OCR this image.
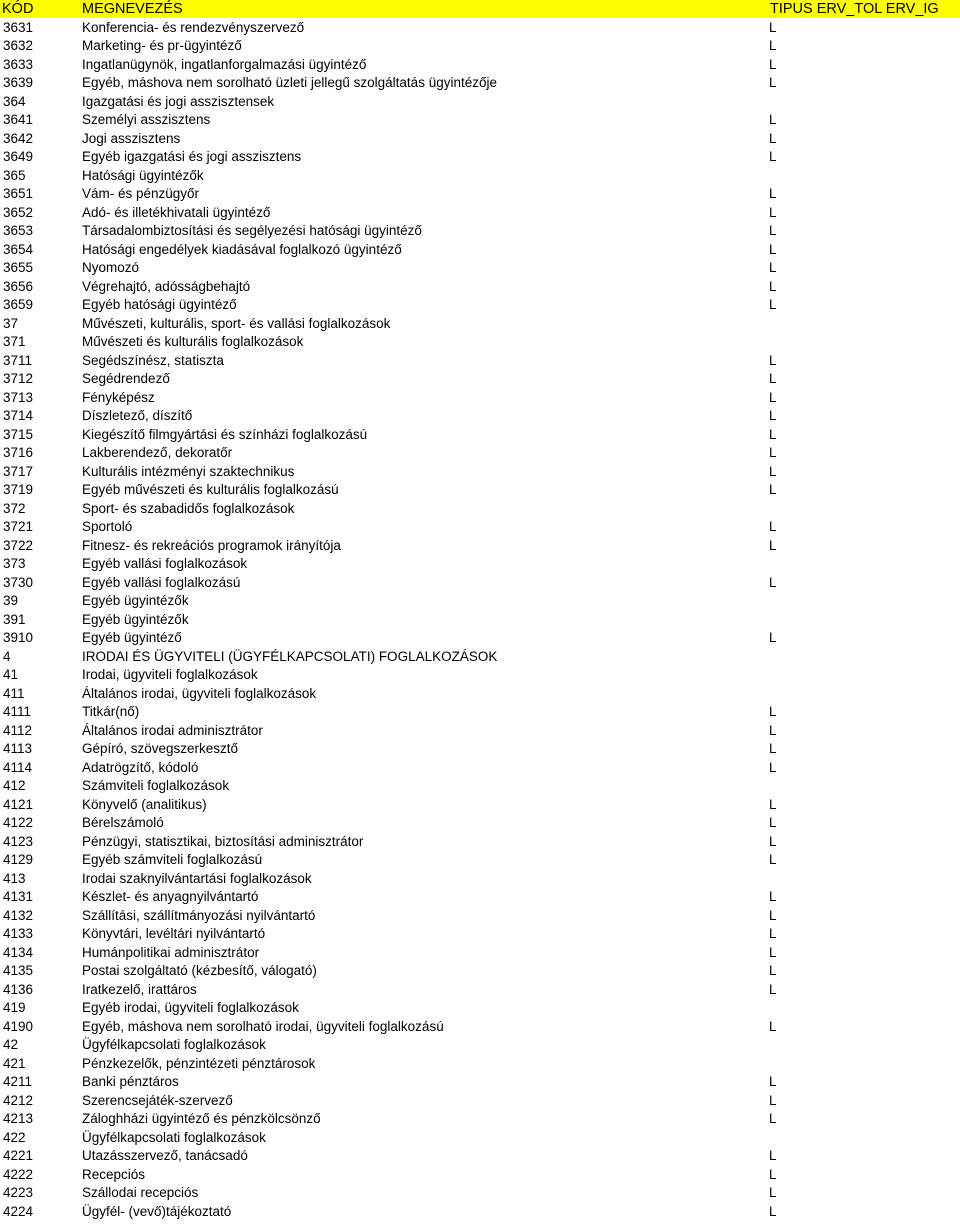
KÓD	MEGNEVEZÉS	TIPUS ERV_TOL ERV_IG
3631	Konferencia- és rendezvényszervező	L
3632	Marketing- és pr-ügyintéző	L
3633	Ingatlanügynök, ingatlanforgalmazási ügyintéző	L
3639	Egyéb, máshova nem sorolható üzleti jellegű szolgáltatás ügyintézője	L
364	Igazgatási és jogi asszisztensek
3641	Személyi asszisztens	L
3642	Jogi asszisztens	L
3649	Egyéb igazgatási és jogi asszisztens	L
365	Hatósági ügyintézők
3651	Vám- és pénzügyőr	L
3652	Adó- és illetékhivatali ügyintéző	L
3653	Társadalombiztosítási és segélyezési hatósági ügyintéző	L
3654	Hatósági engedélyek kiadásával foglalkozó ügyintéző	L
3655	Nyomozó	L
3656	Végrehajtó, adósságbehajtó	L
3659	Egyéb hatósági ügyintéző	L
37	Művészeti, kulturális, sport- és vallási foglalkozások
371	Művészeti és kulturális foglalkozások
3711	Segédszínész, statiszta	L
3712	Segédrendező	L
3713	Fényképész	L
3714	Díszletező, díszítő	L
3715	Kiegészítő filmgyártási és színházi foglalkozású	L
3716	Lakberendező, dekoratőr	L
3717	Kulturális intézményi szaktechnikus	L
3719	Egyéb művészeti és kulturális foglalkozású	L
372	Sport- és szabadidős foglalkozások
3721	Sportoló	L
3722	Fitnesz- és rekreációs programok irányítója	L
373	Egyéb vallási foglalkozások
3730	Egyéb vallási foglalkozású	L
39	Egyéb ügyintézők
391	Egyéb ügyintézők
3910	Egyéb ügyintéző	L
4	IRODAI ÉS ÜGYVITELI (ÜGYFÉLKAPCSOLATI) FOGLALKOZÁSOK
41	Irodai, ügyviteli foglalkozások
411	Általános irodai, ügyviteli foglalkozások
4111	Titkár(nő)	L
4112	Általános irodai adminisztrátor	L
4113	Gépíró, szövegszerkesztő	L
4114	Adatrögzítő, kódoló	L
412	Számviteli foglalkozások
4121	Könyvelő (analitikus)	L
4122	Bérelszámoló	L
4123	Pénzügyi, statisztikai, biztosítási adminisztrátor	L
4129	Egyéb számviteli foglalkozású	L
413	Irodai szaknyilvántartási foglalkozások
4131	Készlet- és anyagnyilvántartó	L
4132	Szállítási, szállítmányozási nyilvántartó	L
4133	Könyvtári, levéltári nyilvántartó	L
4134	Humánpolitikai adminisztrátor	L
4135	Postai szolgáltató (kézbesítő, válogató)	L
4136	Iratkezelő, irattáros	L
419	Egyéb irodai, ügyviteli foglalkozások
4190	Egyéb, máshova nem sorolható irodai, ügyviteli foglalkozású	L
42	Ügyfélkapcsolati foglalkozások
421	Pénzkezelők, pénzintézeti pénztárosok
4211	Banki pénztáros	L
4212	Szerencsejáték-szervező	L
4213	Záloghházi ügyintéző és pénzkölcsönző	L
422	Ügyfélkapcsolati foglalkozások
4221	Utazásszervező, tanácsadó	L
4222	Recepciós	L
4223	Szállodai recepciós	L
4224	Ügyfél- (vevő)tájékoztató	L
